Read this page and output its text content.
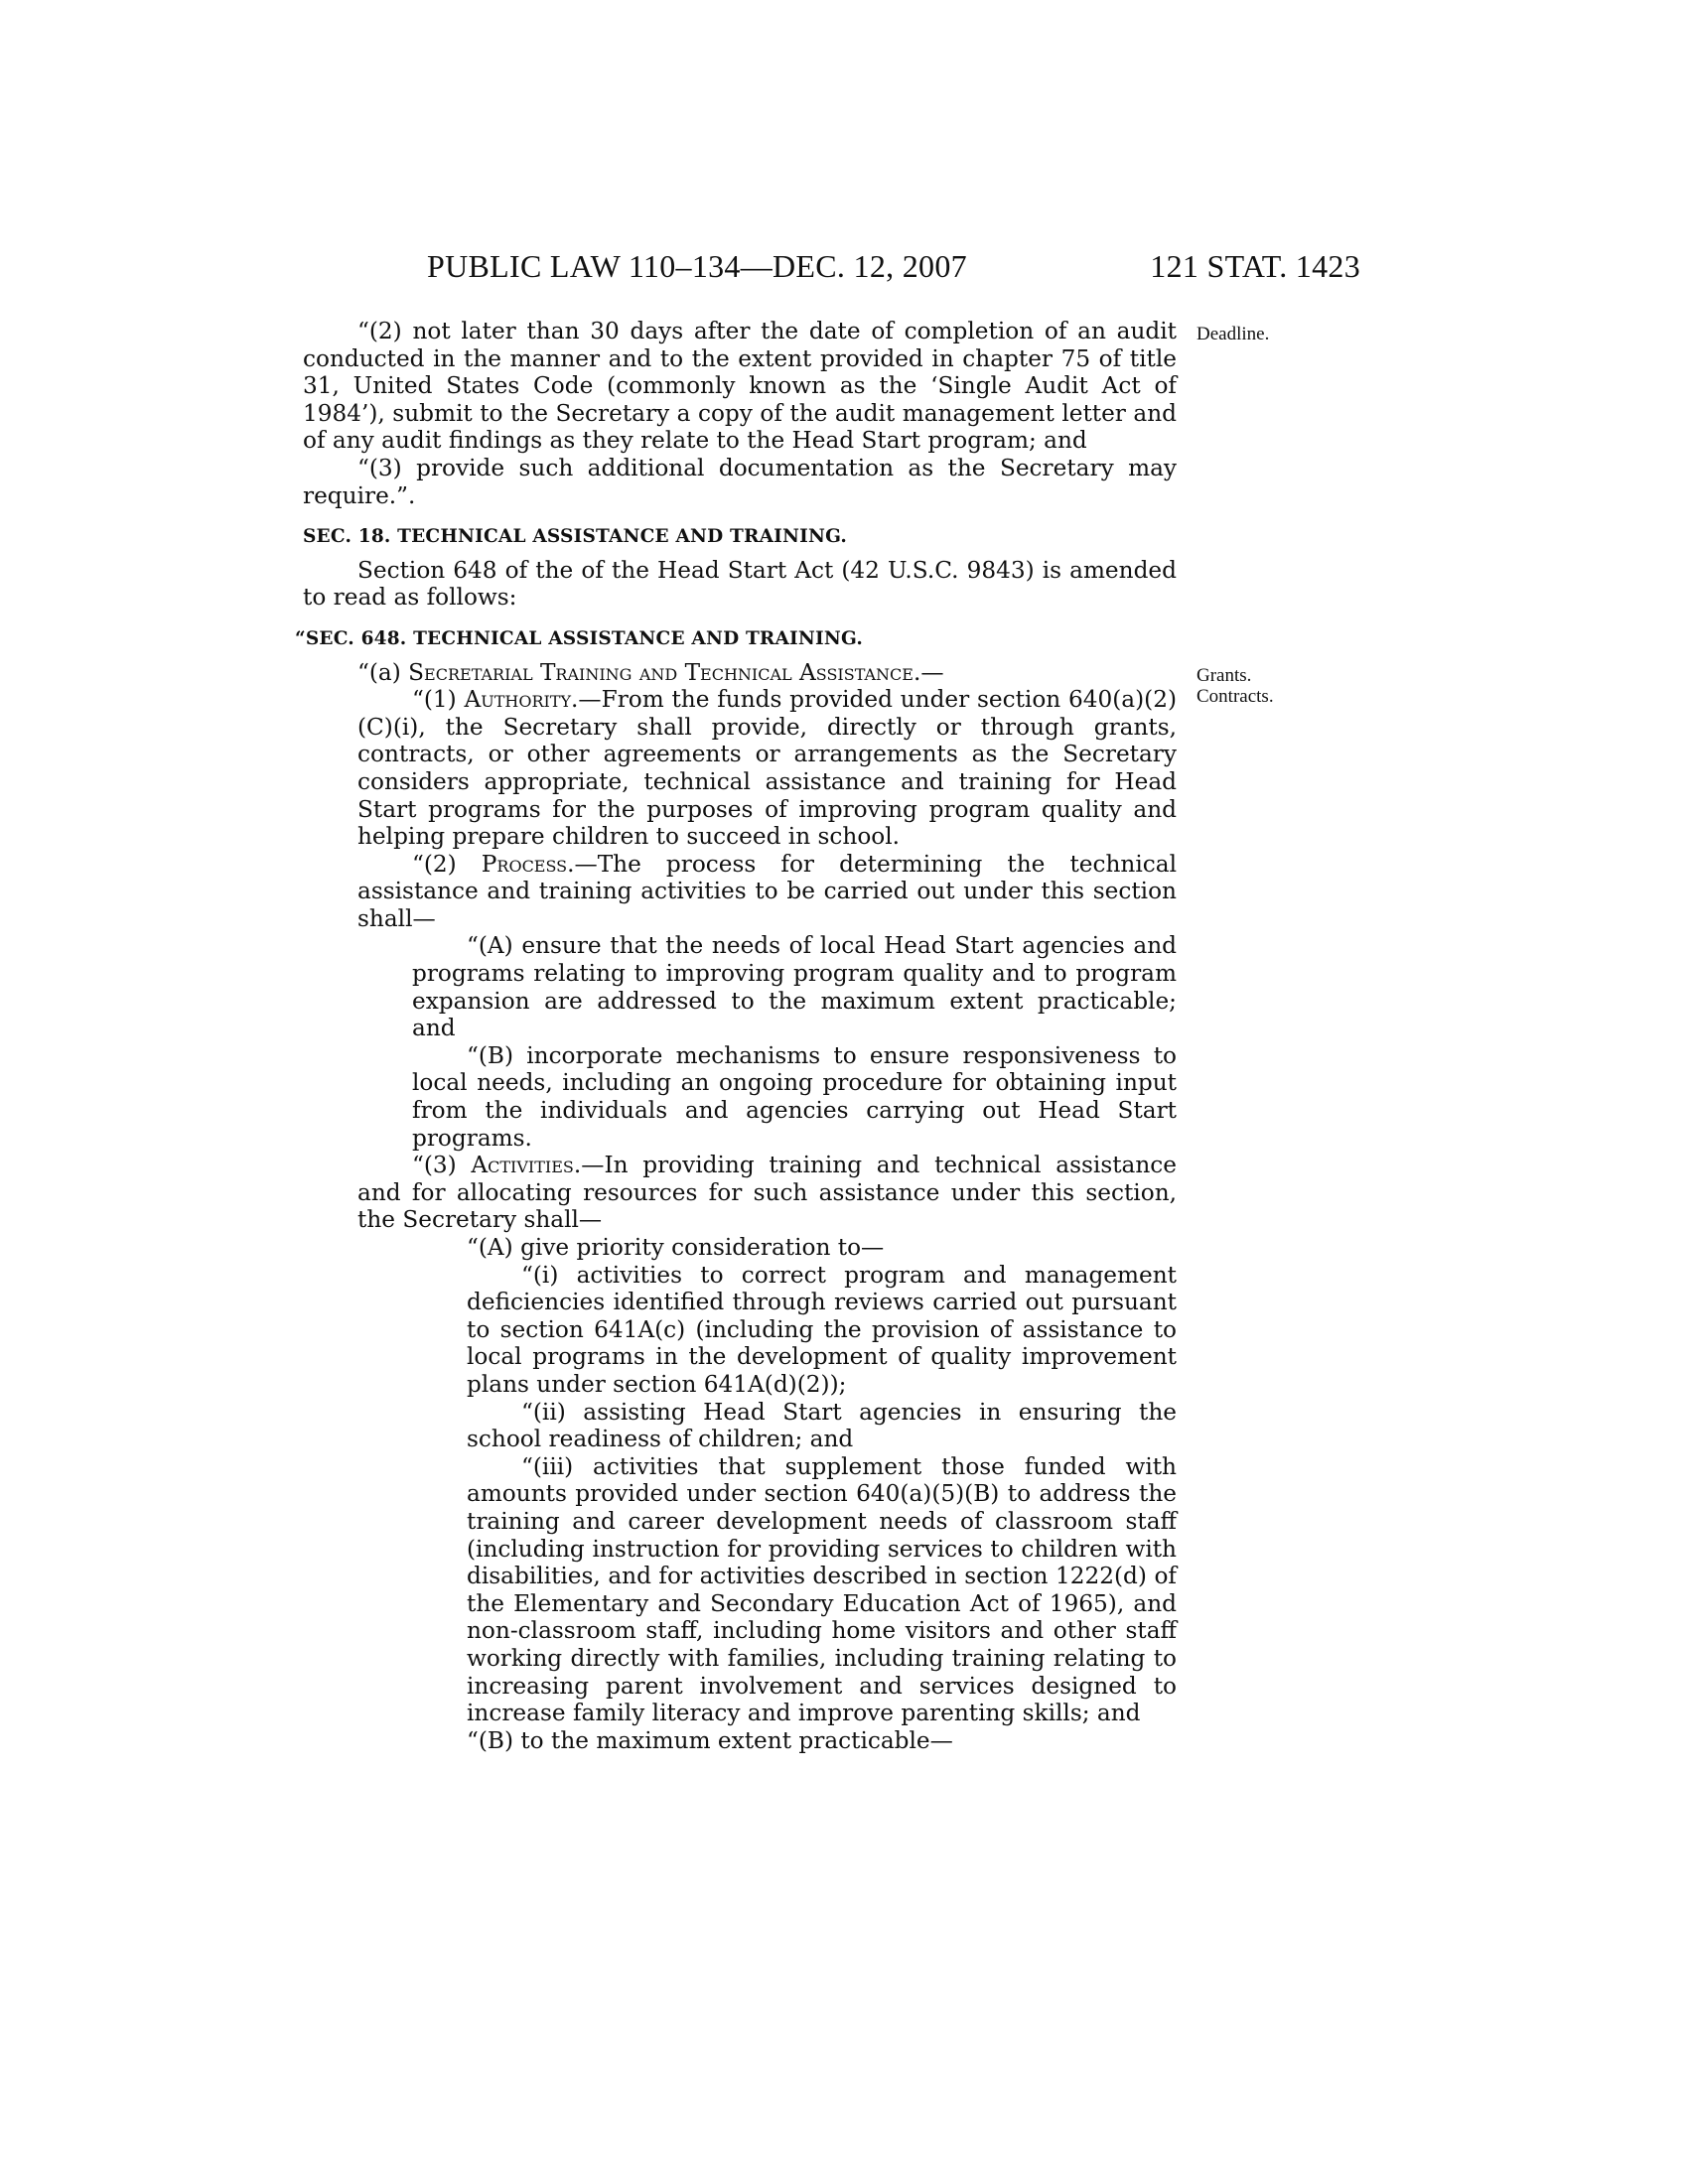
PUBLIC LAW 110–134—DEC. 12, 2007	121 STAT. 1423
Deadline.
Grants.
Contracts.

“(2) not later than 30 days after the date of completion of an audit conducted in the manner and to the extent provided in chapter 75 of title 31, United States Code (commonly known as the ‘Single Audit Act of 1984’), submit to the Secretary a copy of the audit management letter and of any audit findings as they relate to the Head Start program; and

“(3) provide such additional documentation as the Secretary may require.”.

SEC. 18. TECHNICAL ASSISTANCE AND TRAINING.

Section 648 of the of the Head Start Act (42 U.S.C. 9843) is amended to read as follows:

“SEC. 648. TECHNICAL ASSISTANCE AND TRAINING.

“(a) Secretarial Training and Technical Assistance.—

“(1) Authority.—From the funds provided under section 640(a)(2)(C)(i), the Secretary shall provide, directly or through grants, contracts, or other agreements or arrangements as the Secretary considers appropriate, technical assistance and training for Head Start programs for the purposes of improving program quality and helping prepare children to succeed in school.

“(2) Process.—The process for determining the technical assistance and training activities to be carried out under this section shall—

“(A) ensure that the needs of local Head Start agencies and programs relating to improving program quality and to program expansion are addressed to the maximum extent practicable; and

“(B) incorporate mechanisms to ensure responsiveness to local needs, including an ongoing procedure for obtaining input from the individuals and agencies carrying out Head Start programs.

“(3) Activities.—In providing training and technical assistance and for allocating resources for such assistance under this section, the Secretary shall—

“(A) give priority consideration to—

“(i) activities to correct program and management deficiencies identified through reviews carried out pursuant to section 641A(c) (including the provision of assistance to local programs in the development of quality improvement plans under section 641A(d)(2));

“(ii) assisting Head Start agencies in ensuring the school readiness of children; and

“(iii) activities that supplement those funded with amounts provided under section 640(a)(5)(B) to address the training and career development needs of classroom staff (including instruction for providing services to children with disabilities, and for activities described in section 1222(d) of the Elementary and Secondary Education Act of 1965), and non-classroom staff, including home visitors and other staff working directly with families, including training relating to increasing parent involvement and services designed to increase family literacy and improve parenting skills; and

“(B) to the maximum extent practicable—
